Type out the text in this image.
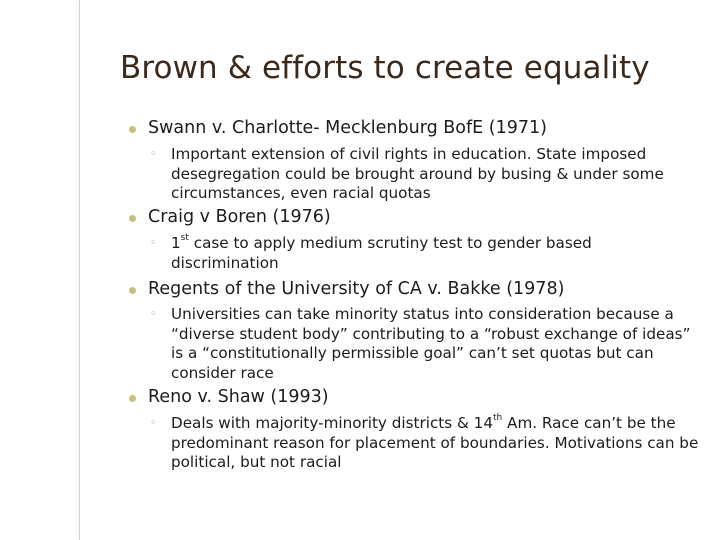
Brown & efforts to create equality
Swann v. Charlotte- Mecklenburg BofE (1971)
◦ Important extension of civil rights in education. State imposed desegregation could be brought around by busing & under some circumstances, even racial quotas
Craig v Boren (1976)
◦ 1st case to apply medium scrutiny test to gender based discrimination
Regents of the University of CA v. Bakke (1978)
◦ Universities can take minority status into consideration because a “diverse student body” contributing to a “robust exchange of ideas” is a “constitutionally permissible goal” can’t set quotas but can consider race
Reno v. Shaw (1993)
◦ Deals with majority-minority districts & 14th Am. Race can’t be the predominant reason for placement of boundaries. Motivations can be political, but not racial
